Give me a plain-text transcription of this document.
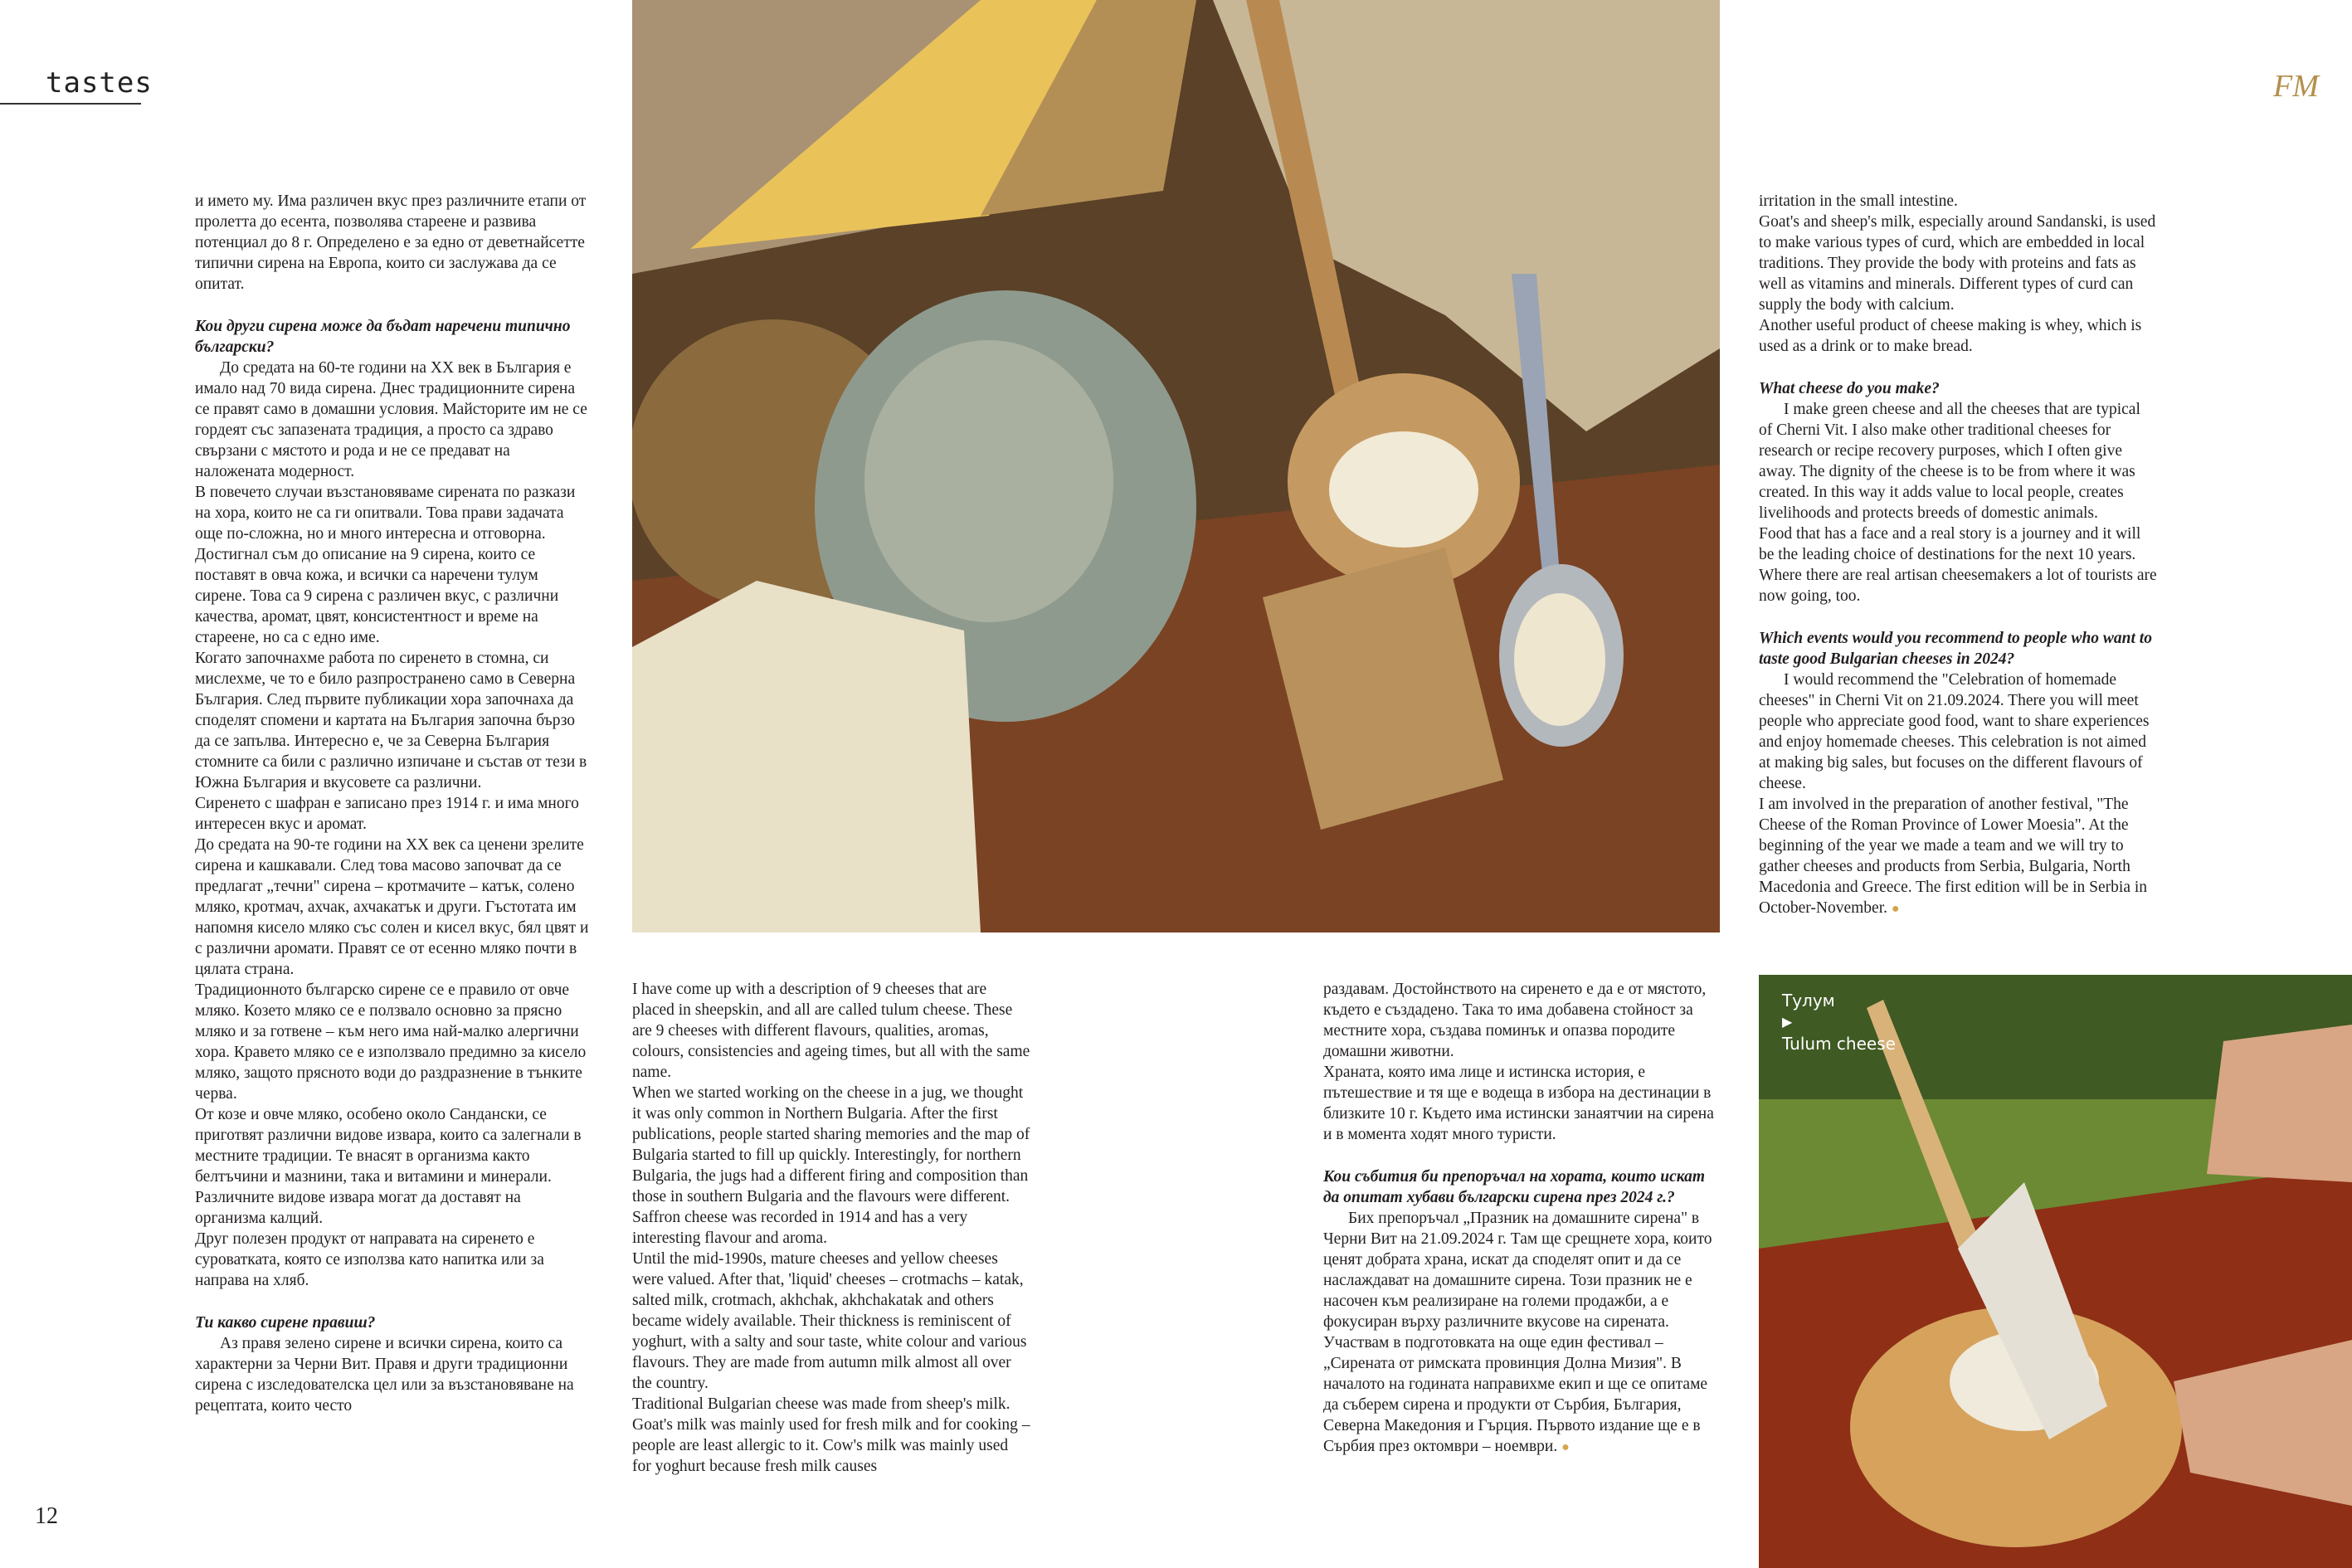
tastes	FM

и името му. Има различен вкус през различните етапи от пролетта до есента, позволява стареене и развива потенциал до 8 г. Определено е за едно от деветнайсетте типични сирена на Европа, които си заслужава да се опитат.

Кои други сирена може да бъдат наречени типично български?

До средата на 60-те години на XX век в България е имало над 70 вида сирена. Днес традиционните сирена се правят само в домашни условия. Майсторите им не се гордеят със запазената традиция, а просто са здраво свързани с мястото и рода и не се предават на наложената модерност.

В повечето случаи възстановяваме сирената по разкази на хора, които не са ги опитвали. Това прави задачата още по-сложна, но и много интересна и отговорна.

Достигнал съм до описание на 9 сирена, които се поставят в овча кожа, и всички са наречени тулум сирене. Това са 9 сирена с различен вкус, с различни качества, аромат, цвят, консистентност и време на стареене, но са с едно име.

Когато започнахме работа по сиренето в стомна, си мислехме, че то е било разпространено само в Северна България. След първите публикации хора започнаха да споделят спомени и картата на България започна бързо да се запълва. Интересно е, че за Северна България стомните са били с различно изпичане и състав от тези в Южна България и вкусовете са различни.

Сиренето с шафран е записано през 1914 г. и има много интересен вкус и аромат.

До средата на 90-те години на XX век са ценени зрелите сирена и кашкавали. След това масово започват да се предлагат „течни" сирена – кротмачите – катък, солено мляко, кротмач, ахчак, ахчакатък и други. Гъстотата им напомня кисело мляко със солен и кисел вкус, бял цвят и с различни аромати. Правят се от есенно мляко почти в цялата страна.

Традиционното българско сирене се е правило от овче мляко. Козето мляко се е ползвало основно за прясно мляко и за готвене – към него има най-малко алергични хора. Кравето мляко се е използвало предимно за кисело мляко, защото прясното води до раздразнение в тънките черва.

От козе и овче мляко, особено около Сандански, се приготвят различни видове извара, които са залегнали в местните традиции. Те внасят в организма както белтъчини и мазнини, така и витамини и минерали. Различните видове извара могат да доставят на организма калций.

Друг полезен продукт от направата на сиренето е суроватката, която се използва като напитка или за направа на хляб.

Ти какво сирене правиш?

Аз правя зелено сирене и всички сирена, които са характерни за Черни Вит. Правя и други традиционни сирена с изследователска цел или за възстановяване на рецептата, които често

I have come up with a description of 9 cheeses that are placed in sheepskin, and all are called tulum cheese. These are 9 cheeses with different flavours, qualities, aromas, colours, consistencies and ageing times, but all with the same name.

When we started working on the cheese in a jug, we thought it was only common in Northern Bulgaria. After the first publications, people started sharing memories and the map of Bulgaria started to fill up quickly. Interestingly, for northern Bulgaria, the jugs had a different firing and composition than those in southern Bulgaria and the flavours were different.

Saffron cheese was recorded in 1914 and has a very interesting flavour and aroma.

Until the mid-1990s, mature cheeses and yellow cheeses were valued. After that, 'liquid' cheeses – crotmachs – katak, salted milk, crotmach, akhchak, akhchakatak and others became widely available. Their thickness is reminiscent of yoghurt, with a salty and sour taste, white colour and various flavours. They are made from autumn milk almost all over the country.

Traditional Bulgarian cheese was made from sheep's milk. Goat's milk was mainly used for fresh milk and for cooking – people are least allergic to it. Cow's milk was mainly used for yoghurt because fresh milk causes

раздавам. Достойнството на сиренето е да е от мястото, където е създадено. Така то има добавена стойност за местните хора, създава поминък и опазва породите домашни животни.

Храната, която има лице и истинска история, е пътешествие и тя ще е водеща в избора на дестинации в близките 10 г. Където има истински занаятчии на сирена и в момента ходят много туристи.

Кои събития би препоръчал на хората, които искат да опитат хубави български сирена през 2024 г.?

Бих препоръчал „Празник на домашните сирена" в Черни Вит на 21.09.2024 г. Там ще срещнете хора, които ценят добрата храна, искат да споделят опит и да се наслаждават на домашните сирена. Този празник не е насочен към реализиране на големи продажби, а е фокусиран върху различните вкусове на сирената.

Участвам в подготовката на още един фестивал – „Сирената от римската провинция Долна Мизия". В началото на годината направихме екип и ще се опитаме да съберем сирена и продукти от Сърбия, България, Северна Македония и Гърция. Първото издание ще е в Сърбия през октомври – ноември. ●

irritation in the small intestine.

Goat's and sheep's milk, especially around Sandanski, is used to make various types of curd, which are embedded in local traditions. They provide the body with proteins and fats as well as vitamins and minerals. Different types of curd can supply the body with calcium.

Another useful product of cheese making is whey, which is used as a drink or to make bread.

What cheese do you make?

I make green cheese and all the cheeses that are typical of Cherni Vit. I also make other traditional cheeses for research or recipe recovery purposes, which I often give away. The dignity of the cheese is to be from where it was created. In this way it adds value to local people, creates livelihoods and protects breeds of domestic animals.

Food that has a face and a real story is a journey and it will be the leading choice of destinations for the next 10 years. Where there are real artisan cheesemakers a lot of tourists are now going, too.

Which events would you recommend to people who want to taste good Bulgarian cheeses in 2024?

I would recommend the "Celebration of homemade cheeses" in Cherni Vit on 21.09.2024. There you will meet people who appreciate good food, want to share experiences and enjoy homemade cheeses. This celebration is not aimed at making big sales, but focuses on the different flavours of cheese.

I am involved in the preparation of another festival, "The Cheese of the Roman Province of Lower Moesia". At the beginning of the year we made a team and we will try to gather cheeses and products from Serbia, Bulgaria, North Macedonia and Greece. The first edition will be in Serbia in October-November. ●

Тулум
▶
Tulum cheese
12
